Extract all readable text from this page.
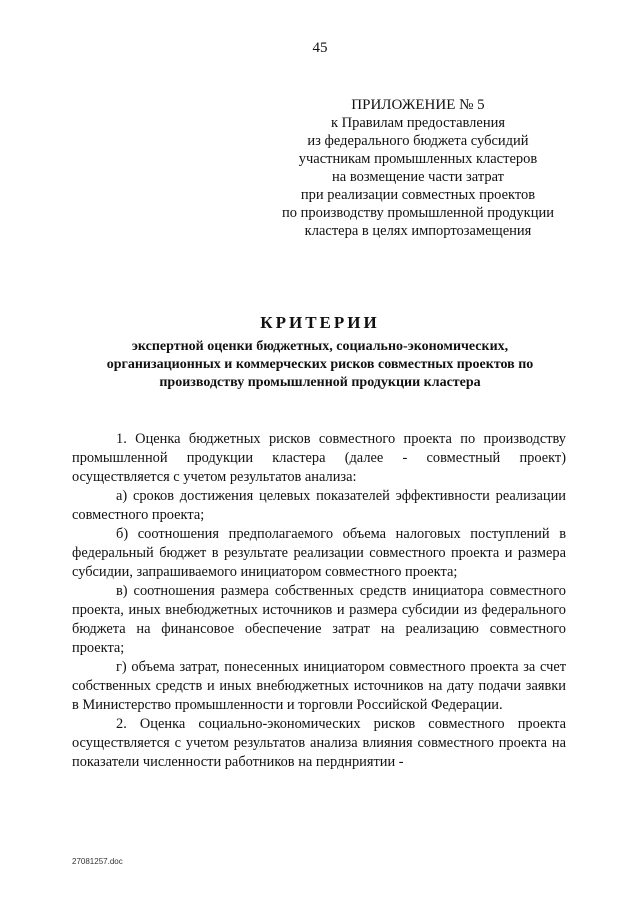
45
ПРИЛОЖЕНИЕ № 5
к Правилам предоставления
из федерального бюджета субсидий
участникам промышленных кластеров
на возмещение части затрат
при реализации совместных проектов
по производству промышленной продукции
кластера в целях импортозамещения
КРИТЕРИИ
экспертной оценки бюджетных, социально-экономических, организационных и коммерческих рисков совместных проектов по производству промышленной продукции кластера

1. Оценка бюджетных рисков совместного проекта по производству промышленной продукции кластера (далее - совместный проект) осуществляется с учетом результатов анализа:

а) сроков достижения целевых показателей эффективности реализации совместного проекта;

б) соотношения предполагаемого объема налоговых поступлений в федеральный бюджет в результате реализации совместного проекта и размера субсидии, запрашиваемого инициатором совместного проекта;

в) соотношения размера собственных средств инициатора совместного проекта, иных внебюджетных источников и размера субсидии из федерального бюджета на финансовое обеспечение затрат на реализацию совместного проекта;

г) объема затрат, понесенных инициатором совместного проекта за счет собственных средств и иных внебюджетных источников на дату подачи заявки в Министерство промышленности и торговли Российской Федерации.

2. Оценка социально-экономических рисков совместного проекта осуществляется с учетом результатов анализа влияния совместного проекта на показатели численности работников на перднриятии -

27081257.doc
